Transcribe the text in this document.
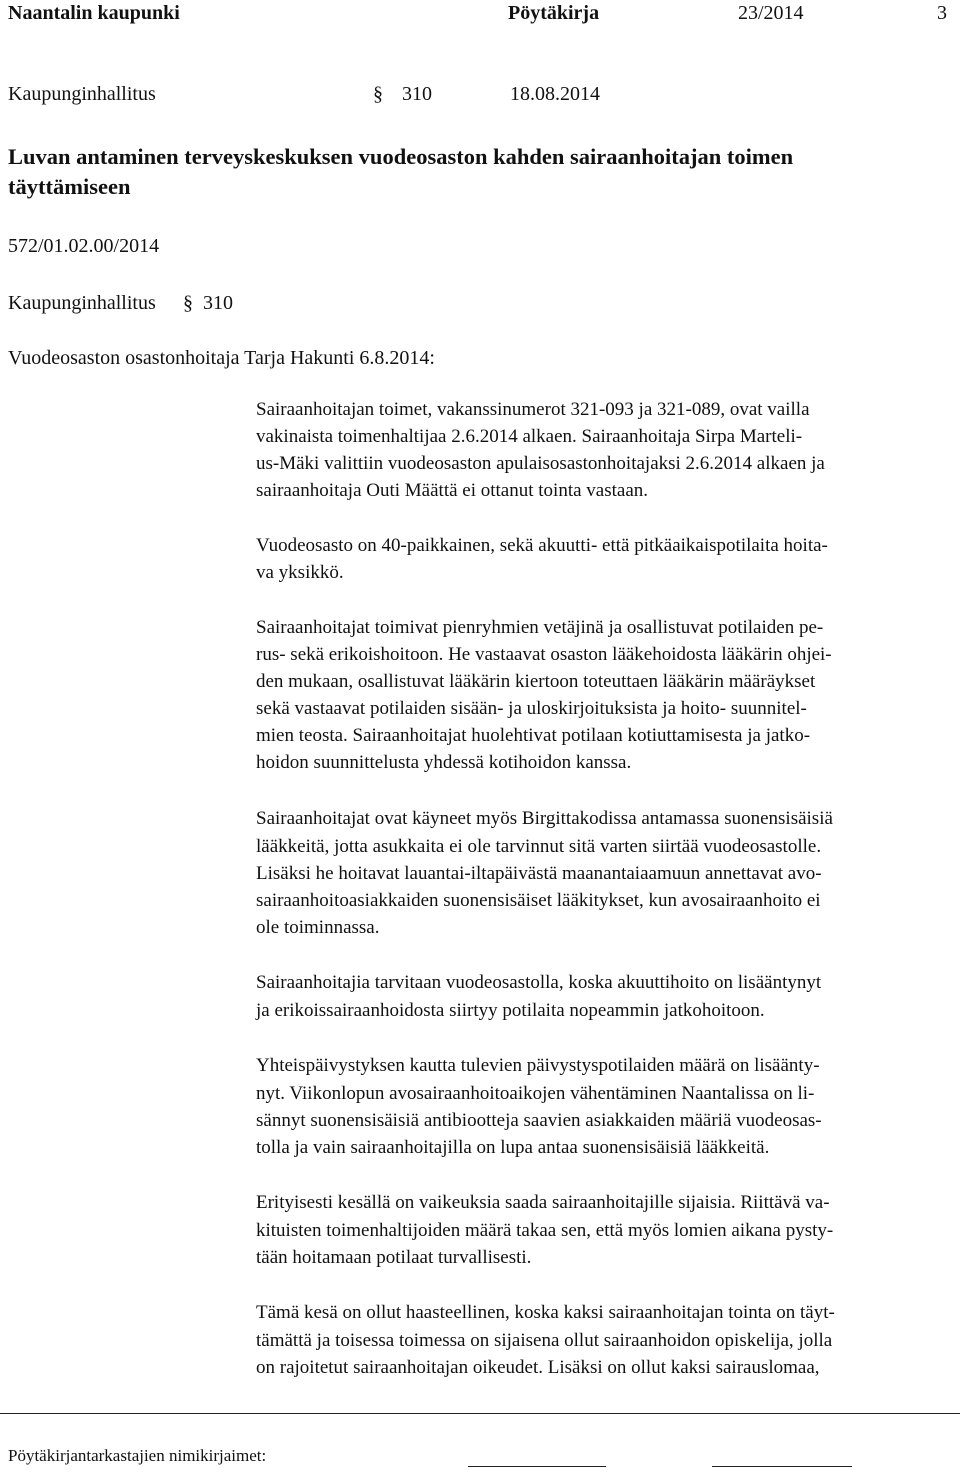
Naantalin kaupunki	Pöytäkirja	23/2014	3
Kaupunginhallitus	§ 310	18.08.2014
Luvan antaminen terveyskeskuksen vuodeosaston kahden sairaanhoitajan toimen
täyttämiseen
572/01.02.00/2014
Kaupunginhallitus § 310
Vuodeosaston osastonhoitaja Tarja Hakunti 6.8.2014:
Sairaanhoitajan toimet, vakanssinumerot 321-093 ja 321-089, ovat vailla
vakinaista toimenhaltijaa 2.6.2014 alkaen. Sairaanhoitaja Sirpa Marteli-
us-Mäki valittiin vuodeosaston apulaisosastonhoitajaksi 2.6.2014 alkaen ja
sairaanhoitaja Outi Määttä ei ottanut tointa vastaan.
Vuodeosasto on 40-paikkainen, sekä akuutti- että pitkäaikaispotilaita hoita-
va yksikkö.
Sairaanhoitajat toimivat pienryhmien vetäjinä ja osallistuvat potilaiden pe-
rus- sekä erikoishoitoon. He vastaavat osaston lääkehoidosta lääkärin ohjei-
den mukaan, osallistuvat lääkärin kiertoon toteuttaen lääkärin määräykset
sekä vastaavat potilaiden sisään- ja uloskirjoituksista ja hoito- suunnitel-
mien teosta. Sairaanhoitajat huolehtivat potilaan kotiuttamisesta ja jatko-
hoidon suunnittelusta yhdessä kotihoidon kanssa.
Sairaanhoitajat ovat käyneet myös Birgittakodissa antamassa suonensisäisiä
lääkkeitä, jotta asukkaita ei ole tarvinnut sitä varten siirtää vuodeosastolle.
Lisäksi he hoitavat lauantai-iltapäivästä maanantaiaamuun annettavat avo-
sairaanhoitoasiakkaiden suonensisäiset lääkitykset, kun avosairaanhoito ei
ole toiminnassa.
Sairaanhoitajia tarvitaan vuodeosastolla, koska akuuttihoito on lisääntynyt
ja erikoissairaanhoidosta siirtyy potilaita nopeammin jatkohoitoon.
Yhteispäivystyksen kautta tulevien päivystyspotilaiden määrä on lisäänty-
nyt. Viikonlopun avosairaanhoitoaikojen vähentäminen Naantalissa on li-
sännyt suonensisäisiä antibiootteja saavien asiakkaiden määriä vuodeosas-
tolla ja vain sairaanhoitajilla on lupa antaa suonensisäisiä lääkkeitä.
Erityisesti kesällä on vaikeuksia saada sairaanhoitajille sijaisia. Riittävä va-
kituisten toimenhaltijoiden määrä takaa sen, että myös lomien aikana pysty-
tään hoitamaan potilaat turvallisesti.
Tämä kesä on ollut haasteellinen, koska kaksi sairaanhoitajan tointa on täyt-
tämättä ja toisessa toimessa on sijaisena ollut sairaanhoidon opiskelija, jolla
on rajoitetut sairaanhoitajan oikeudet. Lisäksi on ollut kaksi sairauslomaa,
Pöytäkirjantarkastajien nimikirjaimet:
